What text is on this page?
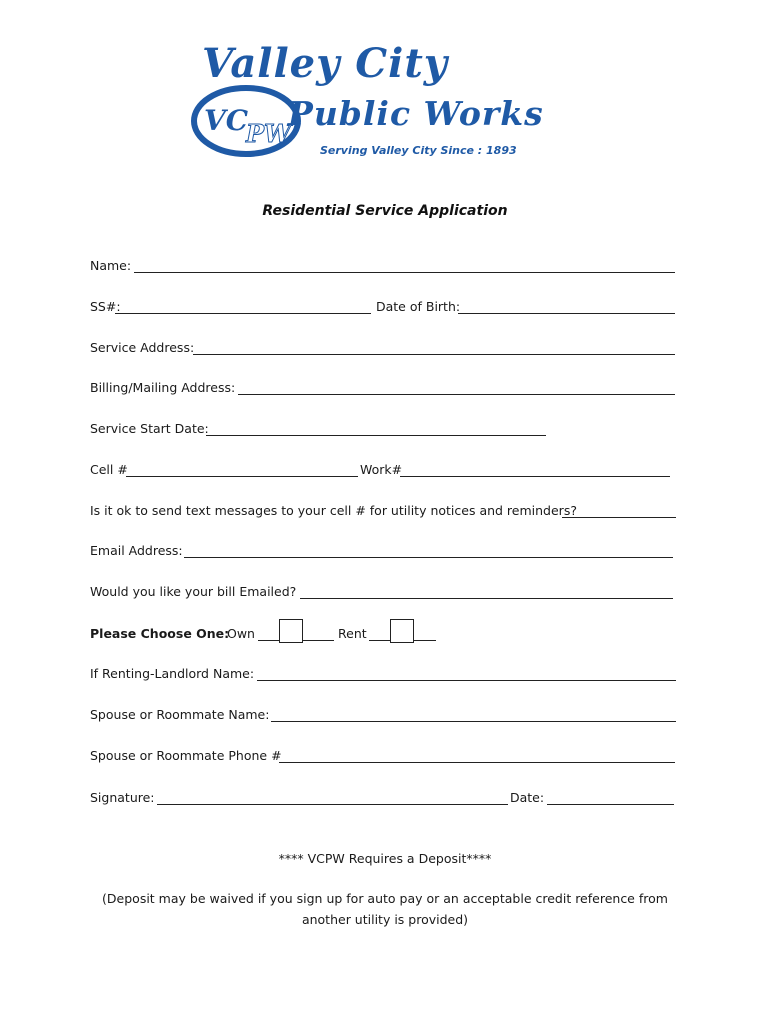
VC
PW
Valley City
Public Works
Serving Valley City Since : 1893
Residential Service Application
Name:
SS#:	Date of Birth:
Service Address:
Billing/Mailing Address:
Service Start Date:
Cell #	Work#
Is it ok to send text messages to your cell # for utility notices and reminders?
Email Address:
Would you like your bill Emailed?
Please Choose One:
Own	Rent
If Renting-Landlord Name:
Spouse or Roommate Name:
Spouse or Roommate Phone #
Signature:	Date:
**** VCPW Requires a Deposit****
(Deposit may be waived if you sign up for auto pay or an acceptable credit reference from
another utility is provided)
